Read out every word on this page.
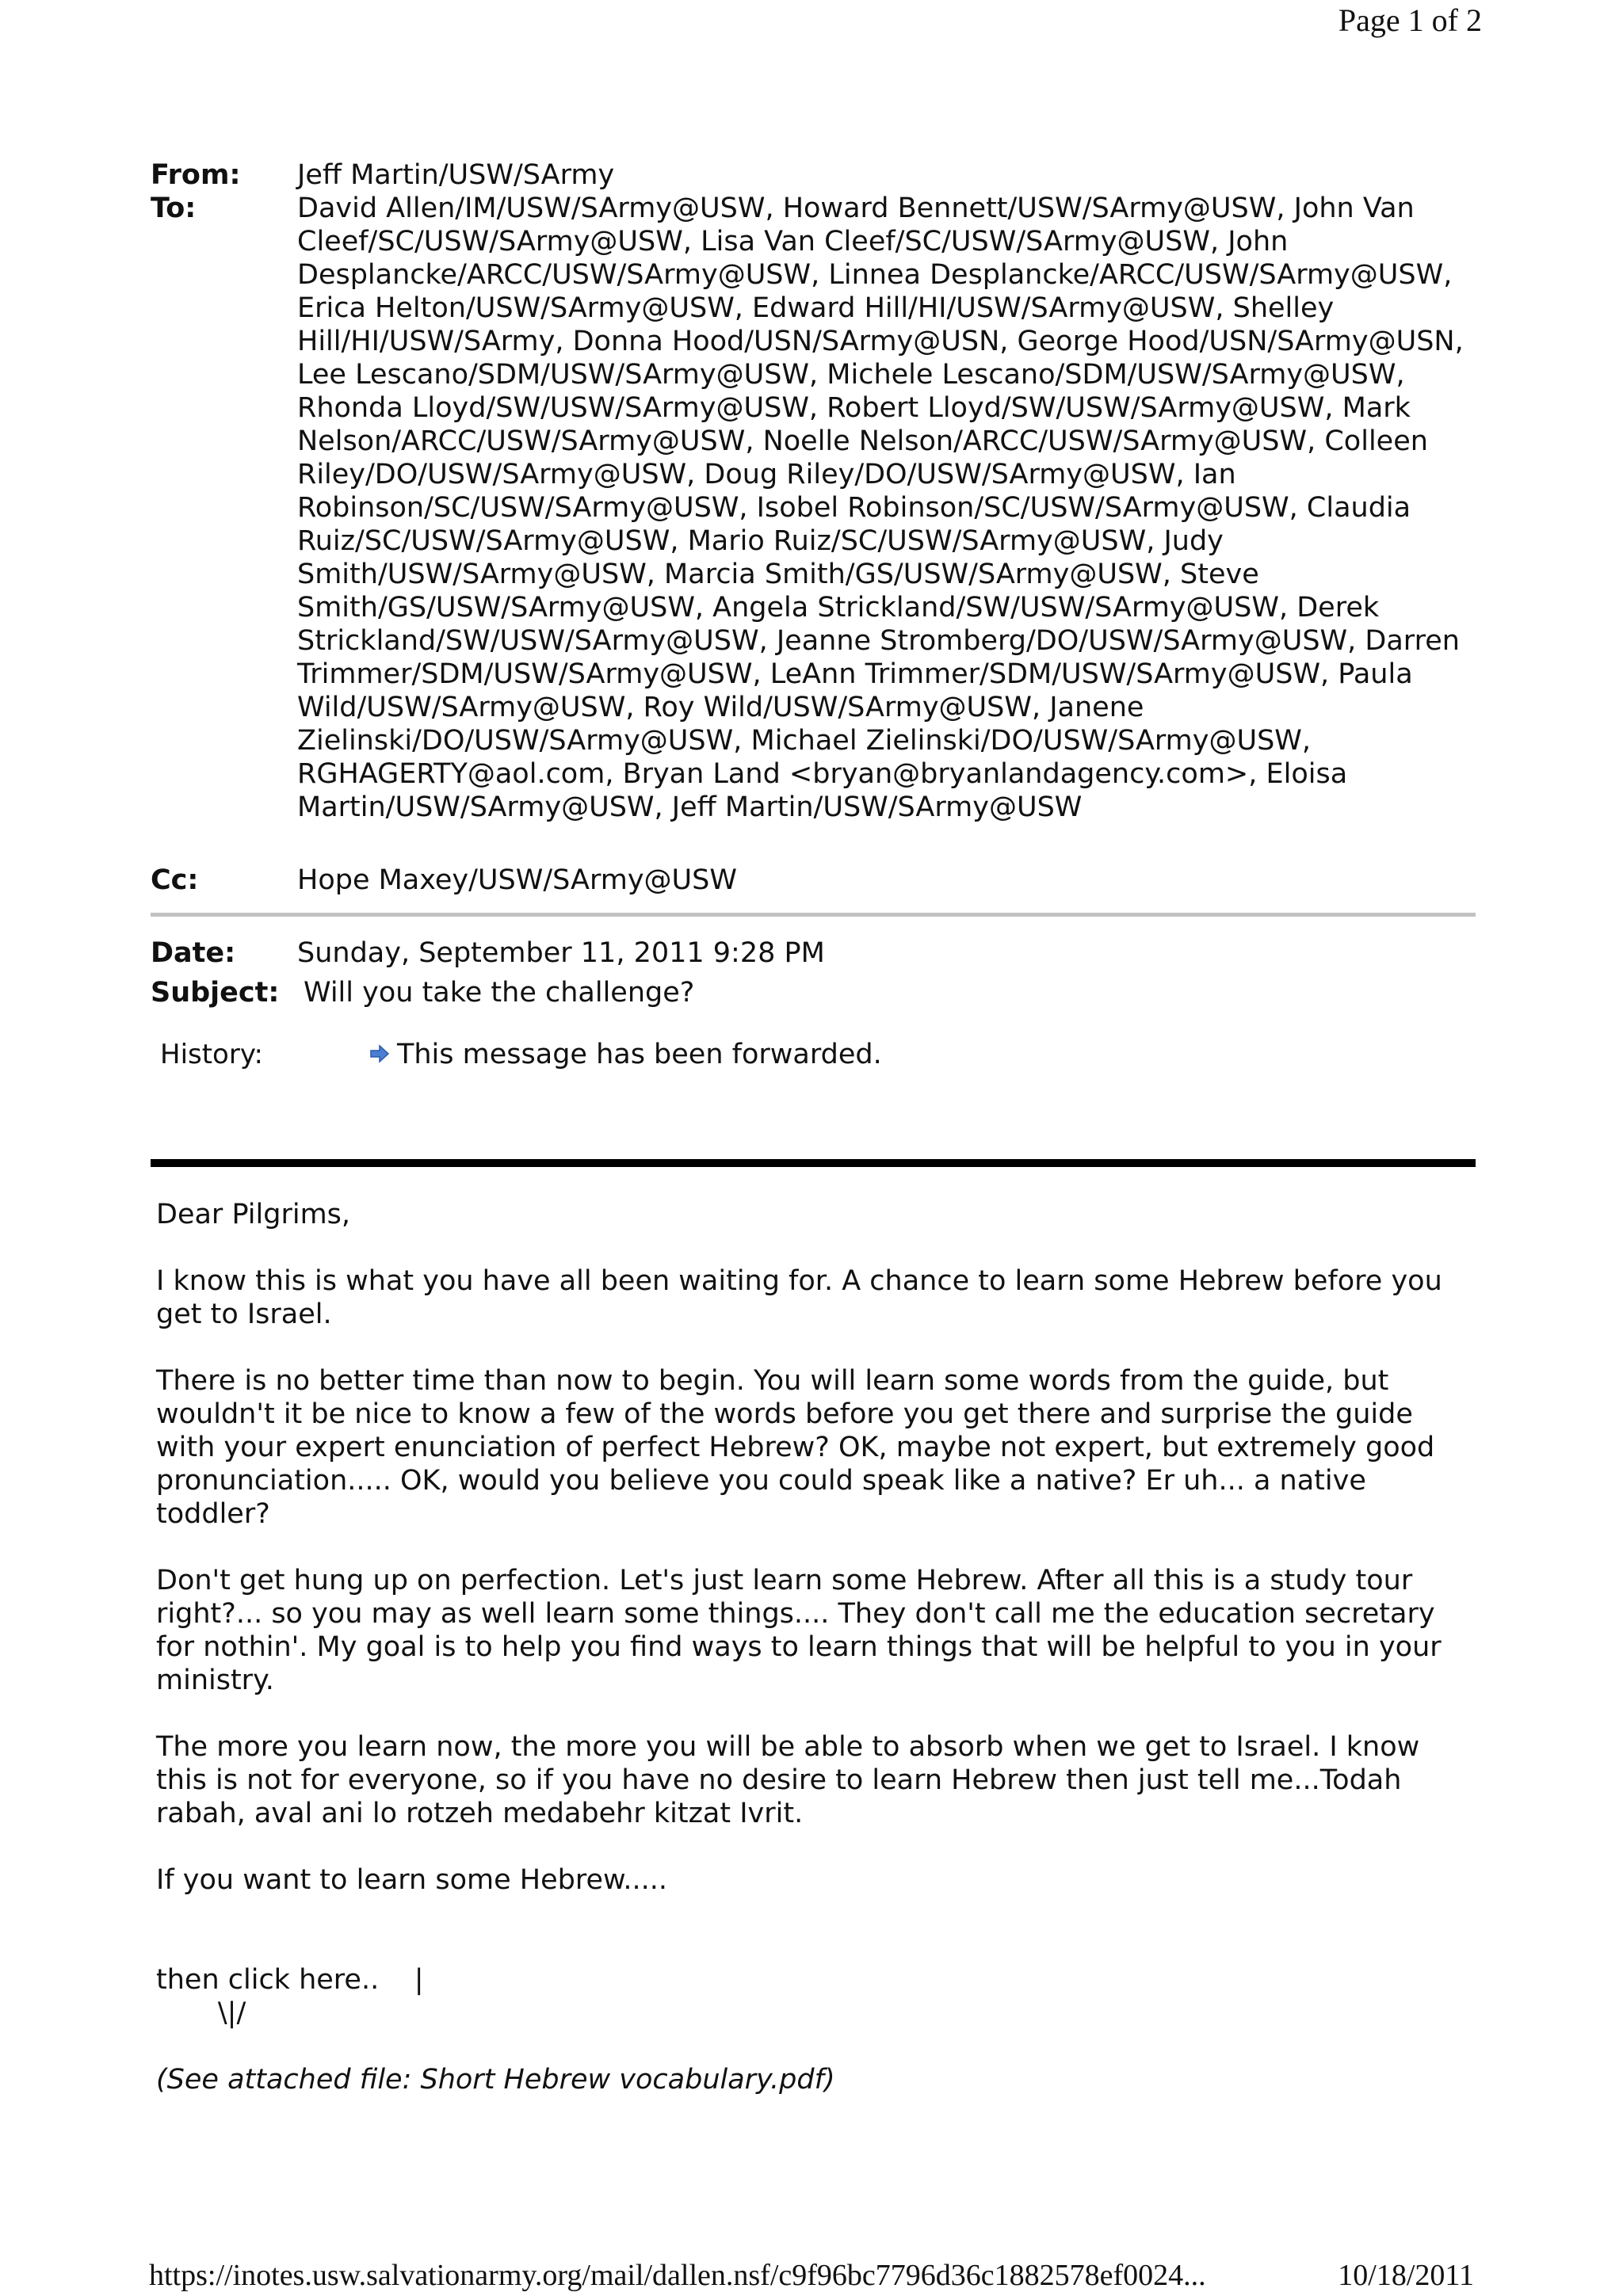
Page 1 of 2
From: Jeff Martin/USW/SArmy
To:	David Allen/IM/USW/SArmy@USW, Howard Bennett/USW/SArmy@USW, John Van Cleef/SC/USW/SArmy@USW, Lisa Van Cleef/SC/USW/SArmy@USW, John Desplancke/ARCC/USW/SArmy@USW, Linnea Desplancke/ARCC/USW/SArmy@USW, Erica Helton/USW/SArmy@USW, Edward Hill/HI/USW/SArmy@USW, Shelley Hill/HI/USW/SArmy, Donna Hood/USN/SArmy@USN, George Hood/USN/SArmy@USN, Lee Lescano/SDM/USW/SArmy@USW, Michele Lescano/SDM/USW/SArmy@USW, Rhonda Lloyd/SW/USW/SArmy@USW, Robert Lloyd/SW/USW/SArmy@USW, Mark Nelson/ARCC/USW/SArmy@USW, Noelle Nelson/ARCC/USW/SArmy@USW, Colleen Riley/DO/USW/SArmy@USW, Doug Riley/DO/USW/SArmy@USW, Ian Robinson/SC/USW/SArmy@USW, Isobel Robinson/SC/USW/SArmy@USW, Claudia Ruiz/SC/USW/SArmy@USW, Mario Ruiz/SC/USW/SArmy@USW, Judy Smith/USW/SArmy@USW, Marcia Smith/GS/USW/SArmy@USW, Steve Smith/GS/USW/SArmy@USW, Angela Strickland/SW/USW/SArmy@USW, Derek Strickland/SW/USW/SArmy@USW, Jeanne Stromberg/DO/USW/SArmy@USW, Darren Trimmer/SDM/USW/SArmy@USW, LeAnn Trimmer/SDM/USW/SArmy@USW, Paula Wild/USW/SArmy@USW, Roy Wild/USW/SArmy@USW, Janene Zielinski/DO/USW/SArmy@USW, Michael Zielinski/DO/USW/SArmy@USW, RGHAGERTY@aol.com, Bryan Land <bryan@bryanlandagency.com>, Eloisa Martin/USW/SArmy@USW, Jeff Martin/USW/SArmy@USW
Cc:	Hope Maxey/USW/SArmy@USW
Date: Sunday, September 11, 2011 9:28 PM
Subject: Will you take the challenge?
History:	This message has been forwarded.

Dear Pilgrims,

I know this is what you have all been waiting for. A chance to learn some Hebrew before you get to Israel.

There is no better time than now to begin. You will learn some words from the guide, but wouldn't it be nice to know a few of the words before you get there and surprise the guide with your expert enunciation of perfect Hebrew? OK, maybe not expert, but extremely good pronunciation..... OK, would you believe you could speak like a native? Er uh... a native toddler?

Don't get hung up on perfection. Let's just learn some Hebrew. After all this is a study tour right?... so you may as well learn some things.... They don't call me the education secretary for nothin'. My goal is to help you find ways to learn things that will be helpful to you in your ministry.

The more you learn now, the more you will be able to absorb when we get to Israel. I know this is not for everyone, so if you have no desire to learn Hebrew then just tell me...Todah rabah, aval ani lo rotzeh medabehr kitzat Ivrit.

If you want to learn some Hebrew.....

then click here..    |

\|/

(See attached file: Short Hebrew vocabulary.pdf)

https://inotes.usw.salvationarmy.org/mail/dallen.nsf/c9f96bc7796d36c1882578ef0024...	10/18/2011
